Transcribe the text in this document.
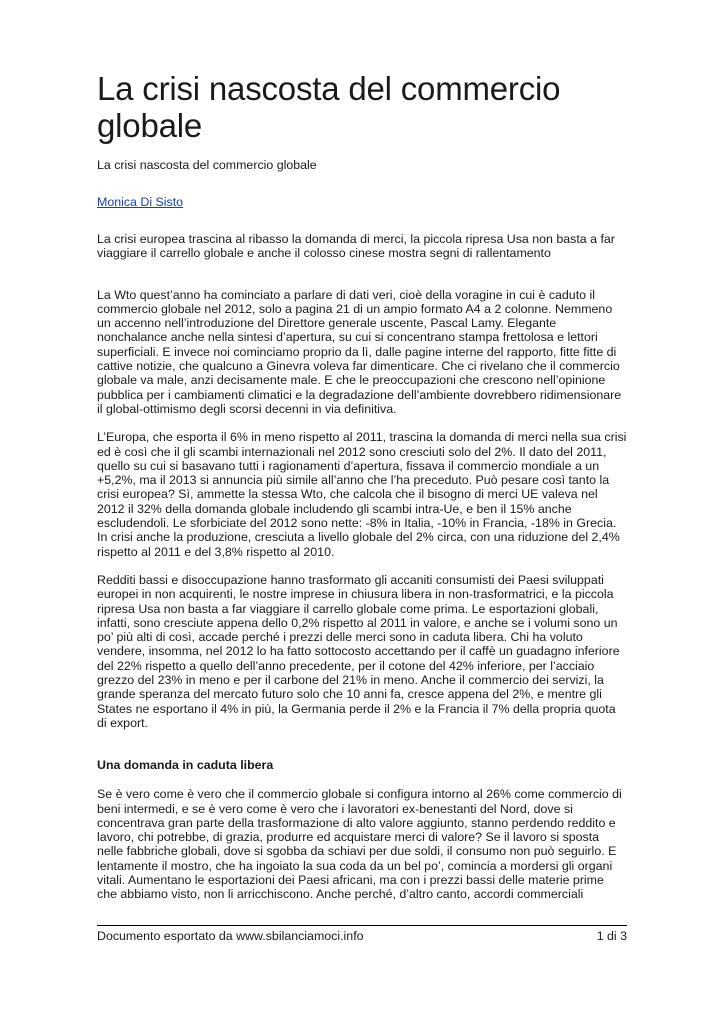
La crisi nascosta del commercio globale
La crisi nascosta del commercio globale
Monica Di Sisto

La crisi europea trascina al ribasso la domanda di merci, la piccola ripresa Usa non basta a far viaggiare il carrello globale e anche il colosso cinese mostra segni di rallentamento

La Wto quest’anno ha cominciato a parlare di dati veri, cioè della voragine in cui è caduto il commercio globale nel 2012, solo a pagina 21 di un ampio formato A4 a 2 colonne. Nemmeno un accenno nell’introduzione del Direttore generale uscente, Pascal Lamy. Elegante nonchalance anche nella sintesi d’apertura, su cui si concentrano stampa frettolosa e lettori superficiali. E invece noi cominciamo proprio da lì, dalle pagine interne del rapporto, fitte fitte di cattive notizie, che qualcuno a Ginevra voleva far dimenticare. Che ci rivelano che il commercio globale va male, anzi decisamente male. E che le preoccupazioni che crescono nell’opinione pubblica per i cambiamenti climatici e la degradazione dell’ambiente dovrebbero ridimensionare il global-ottimismo degli scorsi decenni in via definitiva.

L’Europa, che esporta il 6% in meno rispetto al 2011, trascina la domanda di merci nella sua crisi ed è così che il gli scambi internazionali nel 2012 sono cresciuti solo del 2%. Il dato del 2011, quello su cui si basavano tutti i ragionamenti d’apertura, fissava il commercio mondiale a un +5,2%, ma il 2013 si annuncia più simile all’anno che l’ha preceduto. Può pesare così tanto la crisi europea? Sì, ammette la stessa Wto, che calcola che il bisogno di merci UE valeva nel 2012 il 32% della domanda globale includendo gli scambi intra-Ue, e ben il 15% anche escludendoli. Le sforbiciate del 2012 sono nette: -8% in Italia, -10% in Francia, -18% in Grecia. In crisi anche la produzione, cresciuta a livello globale del 2% circa, con una riduzione del 2,4% rispetto al 2011 e del 3,8% rispetto al 2010.

Redditi bassi e disoccupazione hanno trasformato gli accaniti consumisti dei Paesi sviluppati europei in non acquirenti, le nostre imprese in chiusura libera in non-trasformatrici, e la piccola ripresa Usa non basta a far viaggiare il carrello globale come prima. Le esportazioni globali, infatti, sono cresciute appena dello 0,2% rispetto al 2011 in valore, e anche se i volumi sono un po’ più alti di così, accade perché i prezzi delle merci sono in caduta libera. Chi ha voluto vendere, insomma, nel 2012 lo ha fatto sottocosto accettando per il caffè un guadagno inferiore del 22% rispetto a quello dell’anno precedente, per il cotone del 42% inferiore, per l’acciaio grezzo del 23% in meno e per il carbone del 21% in meno. Anche il commercio dei servizi, la grande speranza del mercato futuro solo che 10 anni fa, cresce appena del 2%, e mentre gli States ne esportano il 4% in più, la Germania perde il 2% e la Francia il 7% della propria quota di export.

Una domanda in caduta libera

Se è vero come è vero che il commercio globale si configura intorno al 26% come commercio di beni intermedi, e se è vero come è vero che i lavoratori ex-benestanti del Nord, dove si concentrava gran parte della trasformazione di alto valore aggiunto, stanno perdendo reddito e lavoro, chi potrebbe, di grazia, produrre ed acquistare merci di valore? Se il lavoro si sposta nelle fabbriche globali, dove si sgobba da schiavi per due soldi, il consumo non può seguirlo. E lentamente il mostro, che ha ingoiato la sua coda da un bel po’, comincia a mordersi gli organi vitali. Aumentano le esportazioni dei Paesi africani, ma con i prezzi bassi delle materie prime che abbiamo visto, non li arricchiscono. Anche perché, d’altro canto, accordi commerciali

Documento esportato da www.sbilanciamoci.info	1 di 3
